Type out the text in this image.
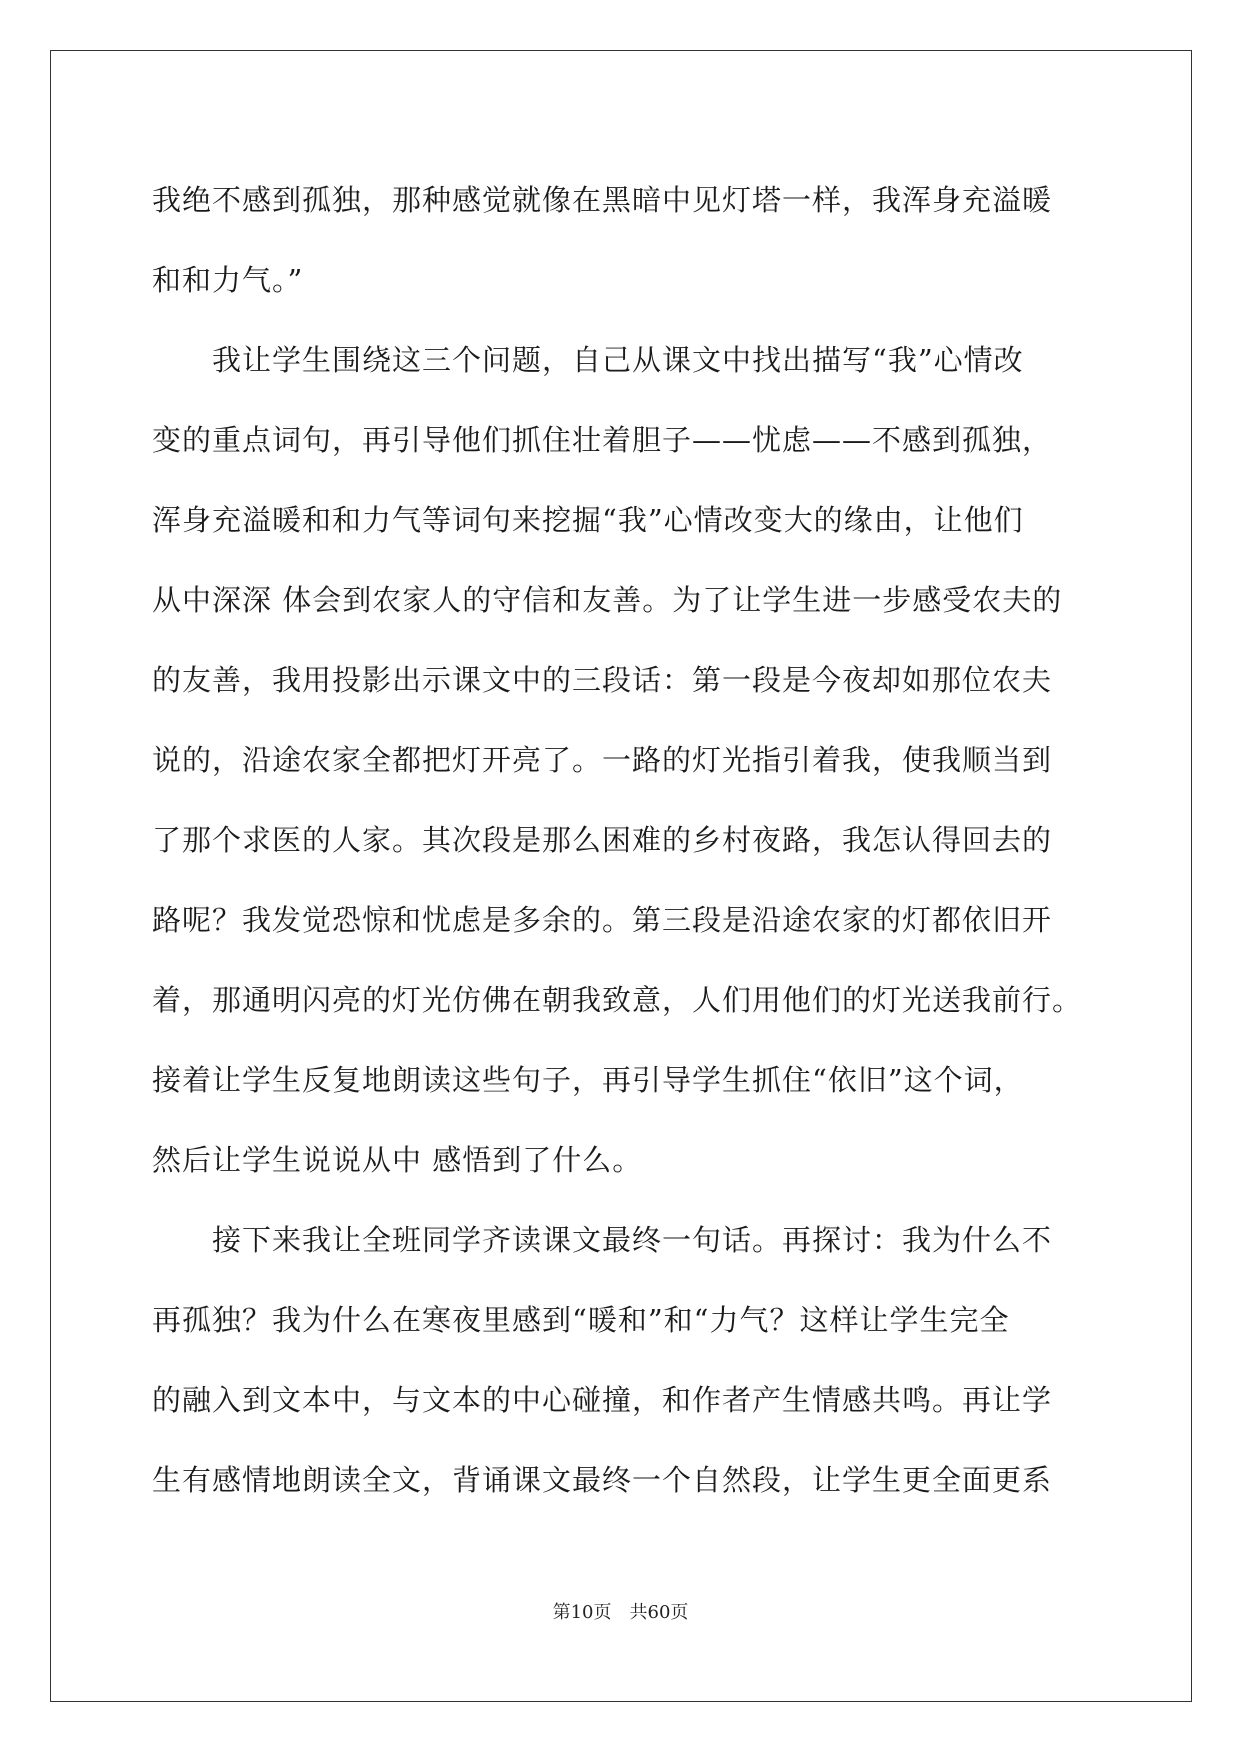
我绝不感到孤独，那种感觉就像在黑暗中见灯塔一样，我浑身充溢暖
和和力气。”
　　我让学生围绕这三个问题，自己从课文中找出描写“我”心情改
变的重点词句，再引导他们抓住壮着胆子——忧虑——不感到孤独，
浑身充溢暖和和力气等词句来挖掘“我”心情改变大的缘由，让他们
从中深深 体会到农家人的守信和友善。为了让学生进一步感受农夫的
的友善，我用投影出示课文中的三段话：第一段是今夜却如那位农夫
说的，沿途农家全都把灯开亮了。一路的灯光指引着我，使我顺当到
了那个求医的人家。其次段是那么困难的乡村夜路，我怎认得回去的
路呢？我发觉恐惊和忧虑是多余的。第三段是沿途农家的灯都依旧开
着，那通明闪亮的灯光仿佛在朝我致意，人们用他们的灯光送我前行。
接着让学生反复地朗读这些句子，再引导学生抓住“依旧”这个词，
然后让学生说说从中 感悟到了什么。
　　接下来我让全班同学齐读课文最终一句话。再探讨：我为什么不
再孤独？我为什么在寒夜里感到“暖和”和“力气？这样让学生完全
的融入到文本中，与文本的中心碰撞，和作者产生情感共鸣。再让学
生有感情地朗读全文，背诵课文最终一个自然段，让学生更全面更系
第10页 共60页
